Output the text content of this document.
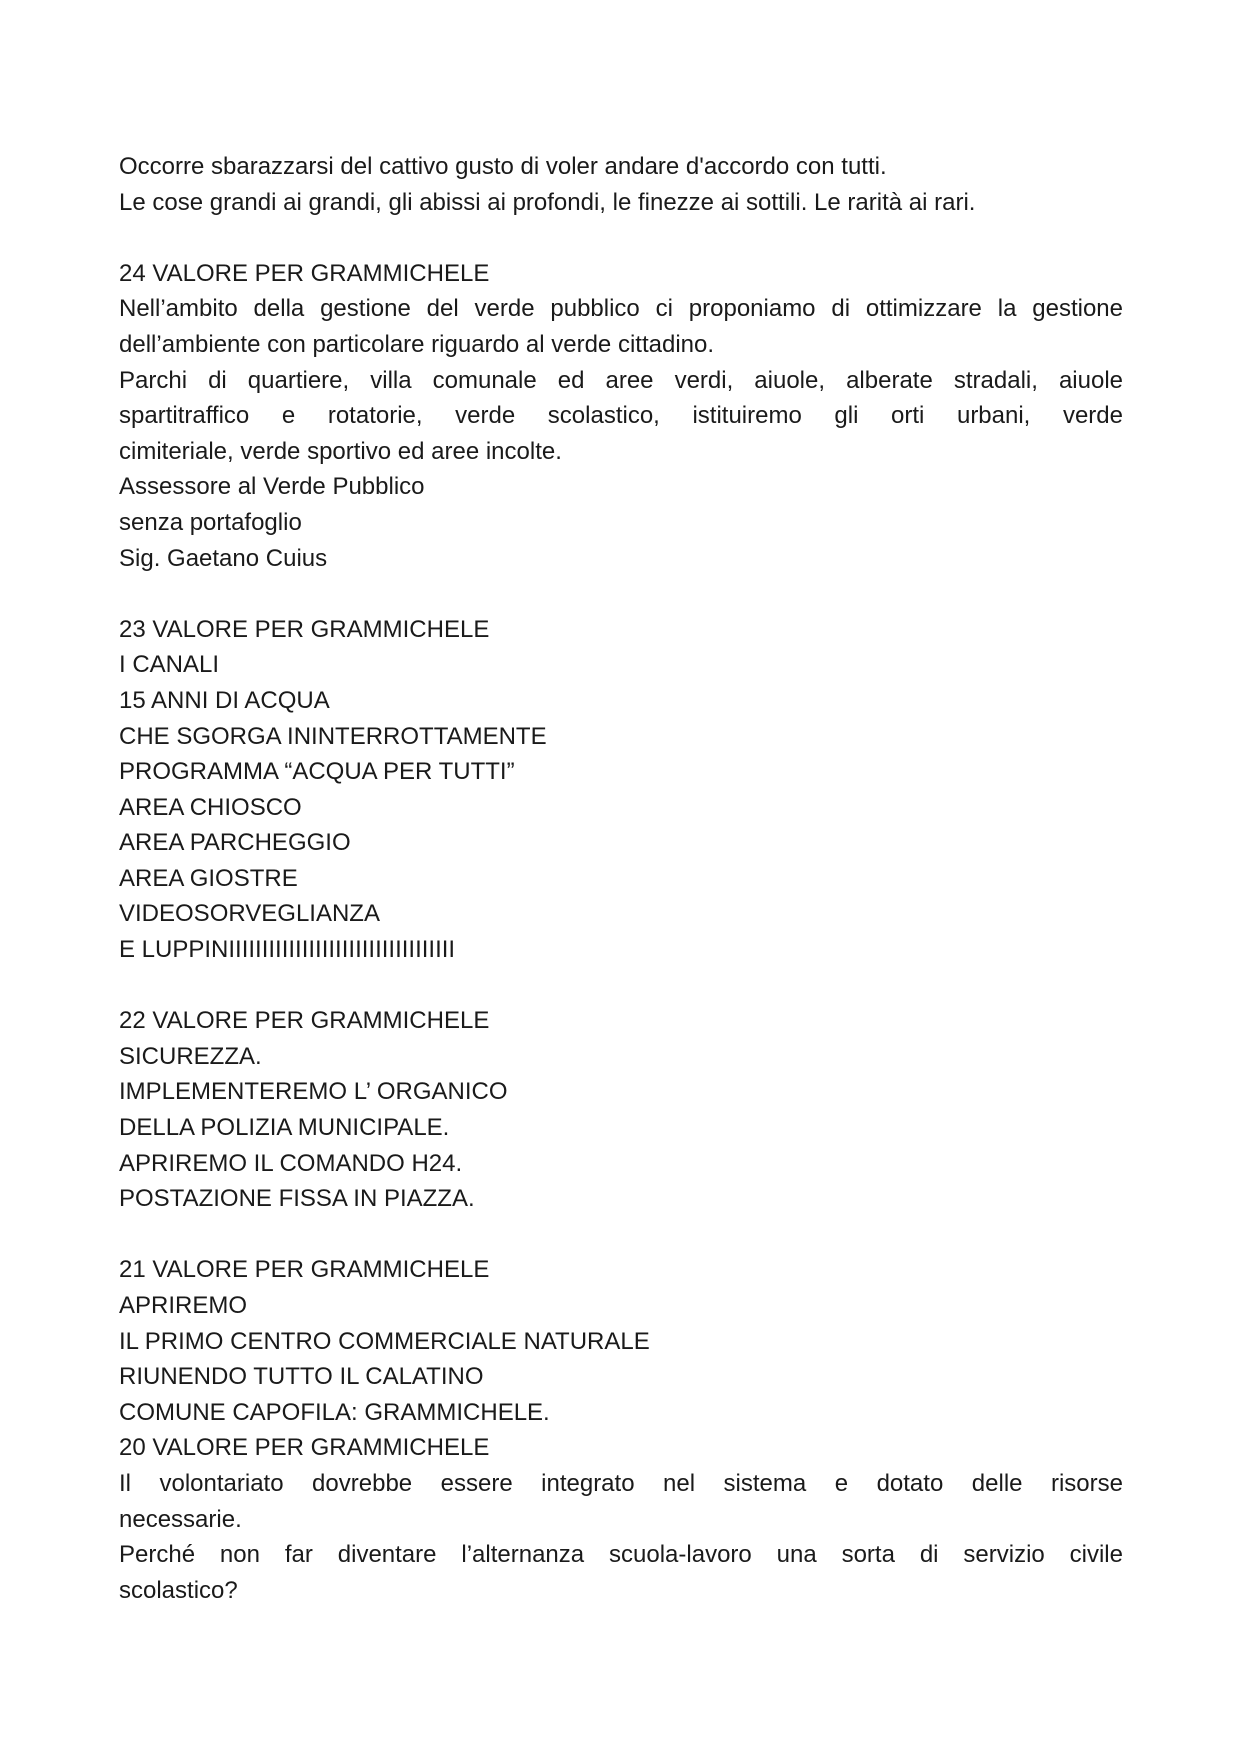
Occorre sbarazzarsi del cattivo gusto di voler andare d'accordo con tutti.
Le cose grandi ai grandi, gli abissi ai profondi, le finezze ai sottili. Le rarità ai rari.
24 VALORE PER GRAMMICHELE
Nell’ambito della gestione del verde pubblico ci proponiamo di ottimizzare la gestione
dell’ambiente con particolare riguardo al verde cittadino.
Parchi di quartiere, villa comunale ed aree verdi, aiuole, alberate stradali, aiuole
spartitraffico e rotatorie, verde scolastico, istituiremo gli orti urbani, verde
cimiteriale, verde sportivo ed aree incolte.
Assessore al Verde Pubblico
senza portafoglio
Sig. Gaetano Cuius
23 VALORE PER GRAMMICHELE
I CANALI
15 ANNI DI ACQUA
CHE SGORGA ININTERROTTAMENTE
PROGRAMMA “ACQUA PER TUTTI”
AREA CHIOSCO
AREA PARCHEGGIO
AREA GIOSTRE
VIDEOSORVEGLIANZA
E LUPPINIIIIIIIIIIIIIIIIIIIIIIIIIIIIIIIIII
22 VALORE PER GRAMMICHELE
SICUREZZA.
IMPLEMENTEREMO L’ ORGANICO
DELLA POLIZIA MUNICIPALE.
APRIREMO IL COMANDO H24.
POSTAZIONE FISSA IN PIAZZA.
21 VALORE PER GRAMMICHELE
APRIREMO
IL PRIMO CENTRO COMMERCIALE NATURALE
RIUNENDO TUTTO IL CALATINO
COMUNE CAPOFILA: GRAMMICHELE.
20 VALORE PER GRAMMICHELE
Il volontariato dovrebbe essere integrato nel sistema e dotato delle risorse
necessarie.
Perché non far diventare l’alternanza scuola-lavoro una sorta di servizio civile
scolastico?
